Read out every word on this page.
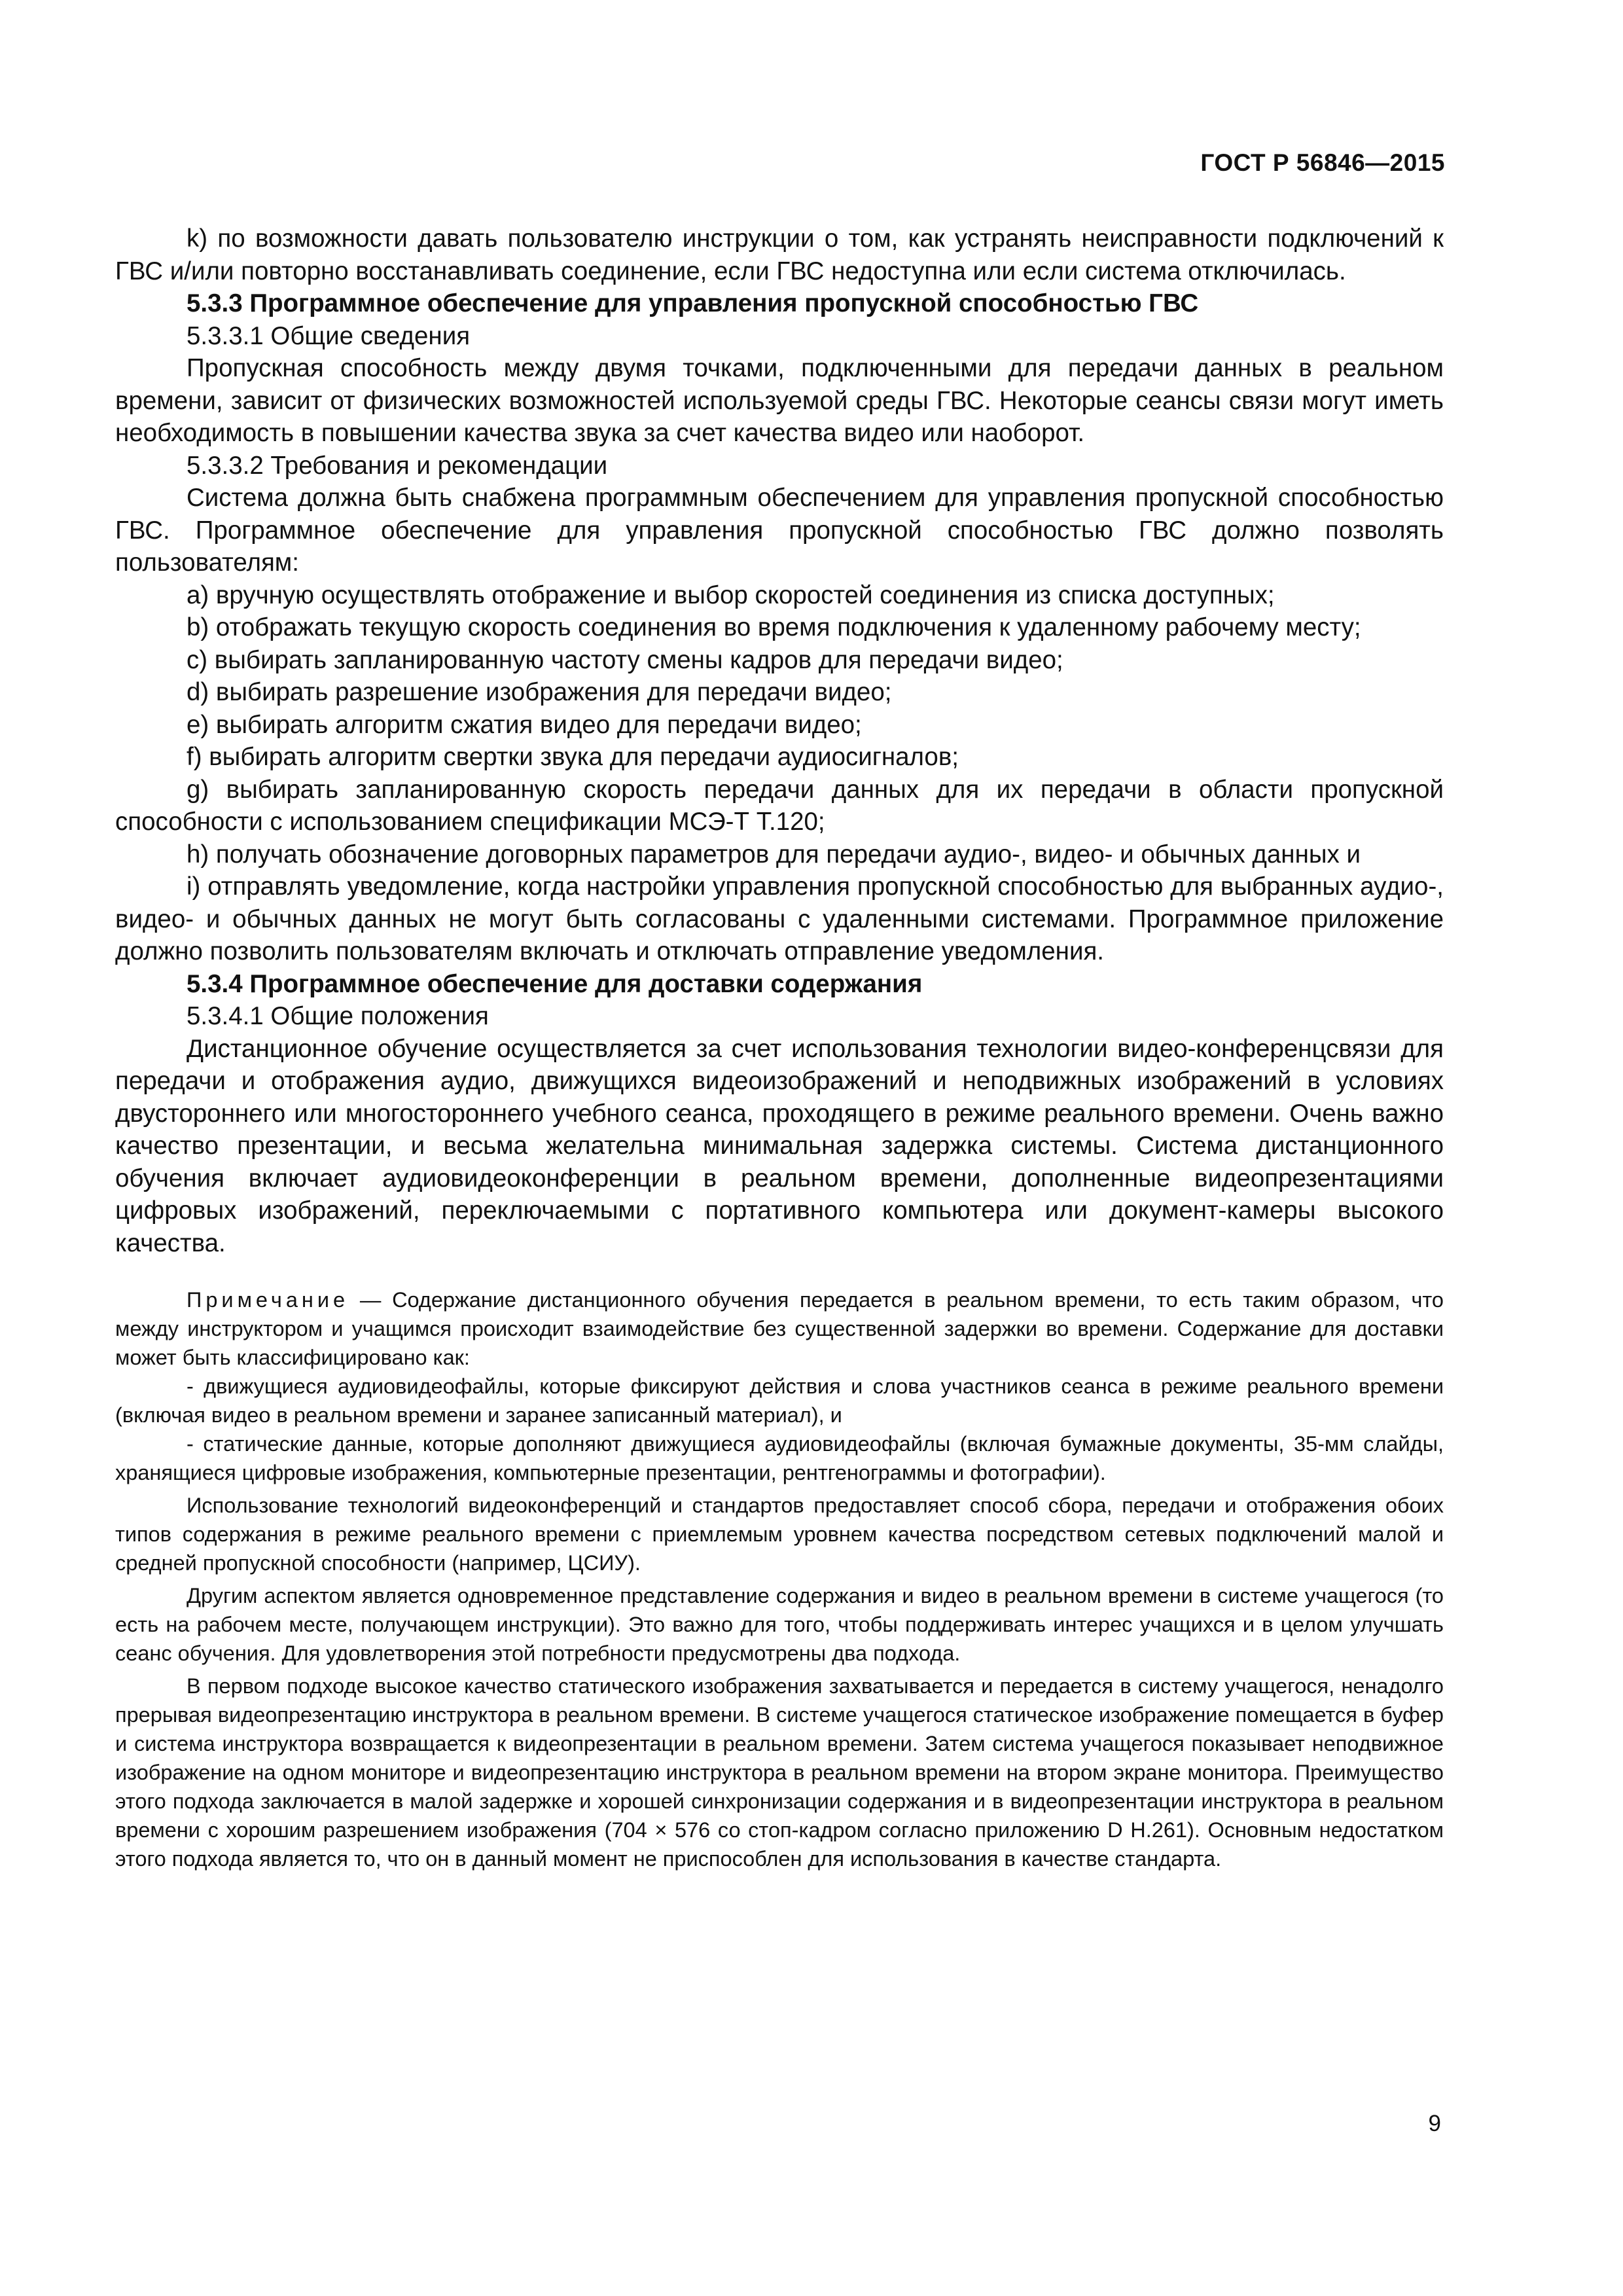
ГОСТ Р 56846—2015

k) по возможности давать пользователю инструкции о том, как устранять неисправности подключений к ГВС и/или повторно восстанавливать соединение, если ГВС недоступна или если система отключилась.

5.3.3 Программное обеспечение для управления пропускной способностью ГВС

5.3.3.1 Общие сведения

Пропускная способность между двумя точками, подключенными для передачи данных в реальном времени, зависит от физических возможностей используемой среды ГВС. Некоторые сеансы связи могут иметь необходимость в повышении качества звука за счет качества видео или наоборот.

5.3.3.2 Требования и рекомендации

Система должна быть снабжена программным обеспечением для управления пропускной способностью ГВС. Программное обеспечение для управления пропускной способностью ГВС должно позволять пользователям:

a) вручную осуществлять отображение и выбор скоростей соединения из списка доступных;

b) отображать текущую скорость соединения во время подключения к удаленному рабочему месту;

c) выбирать запланированную частоту смены кадров для передачи видео;

d) выбирать разрешение изображения для передачи видео;

e) выбирать алгоритм сжатия видео для передачи видео;

f) выбирать алгоритм свертки звука для передачи аудиосигналов;

g) выбирать запланированную скорость передачи данных для их передачи в области пропускной способности с использованием спецификации МСЭ-Т Т.120;

h) получать обозначение договорных параметров для передачи аудио-, видео- и обычных данных и

i) отправлять уведомление, когда настройки управления пропускной способностью для выбранных аудио-, видео- и обычных данных не могут быть согласованы с удаленными системами. Программное приложение должно позволить пользователям включать и отключать отправление уведомления.

5.3.4 Программное обеспечение для доставки содержания

5.3.4.1 Общие положения

Дистанционное обучение осуществляется за счет использования технологии видео-конференцсвязи для передачи и отображения аудио, движущихся видеоизображений и неподвижных изображений в условиях двустороннего или многостороннего учебного сеанса, проходящего в режиме реального времени. Очень важно качество презентации, и весьма желательна минимальная задержка системы. Система дистанционного обучения включает аудиовидеоконференции в реальном времени, дополненные видеопрезентациями цифровых изображений, переключаемыми с портативного компьютера или документ-камеры высокого качества.

Примечание — Содержание дистанционного обучения передается в реальном времени, то есть таким образом, что между инструктором и учащимся происходит взаимодействие без существенной задержки во времени. Содержание для доставки может быть классифицировано как:

- движущиеся аудиовидеофайлы, которые фиксируют действия и слова участников сеанса в режиме реального времени (включая видео в реальном времени и заранее записанный материал), и

- статические данные, которые дополняют движущиеся аудиовидеофайлы (включая бумажные документы, 35-мм слайды, хранящиеся цифровые изображения, компьютерные презентации, рентгенограммы и фотографии).

Использование технологий видеоконференций и стандартов предоставляет способ сбора, передачи и отображения обоих типов содержания в режиме реального времени с приемлемым уровнем качества посредством сетевых подключений малой и средней пропускной способности (например, ЦСИУ).

Другим аспектом является одновременное представление содержания и видео в реальном времени в системе учащегося (то есть на рабочем месте, получающем инструкции). Это важно для того, чтобы поддерживать интерес учащихся и в целом улучшать сеанс обучения. Для удовлетворения этой потребности предусмотрены два подхода.

В первом подходе высокое качество статического изображения захватывается и передается в систему учащегося, ненадолго прерывая видеопрезентацию инструктора в реальном времени. В системе учащегося статическое изображение помещается в буфер и система инструктора возвращается к видеопрезентации в реальном времени. Затем система учащегося показывает неподвижное изображение на одном мониторе и видеопрезентацию инструктора в реальном времени на втором экране монитора. Преимущество этого подхода заключается в малой задержке и хорошей синхронизации содержания и в видеопрезентации инструктора в реальном времени с хорошим разрешением изображения (704 × 576 со стоп-кадром согласно приложению D Н.261). Основным недостатком этого подхода является то, что он в данный момент не приспособлен для использования в качестве стандарта.

9
